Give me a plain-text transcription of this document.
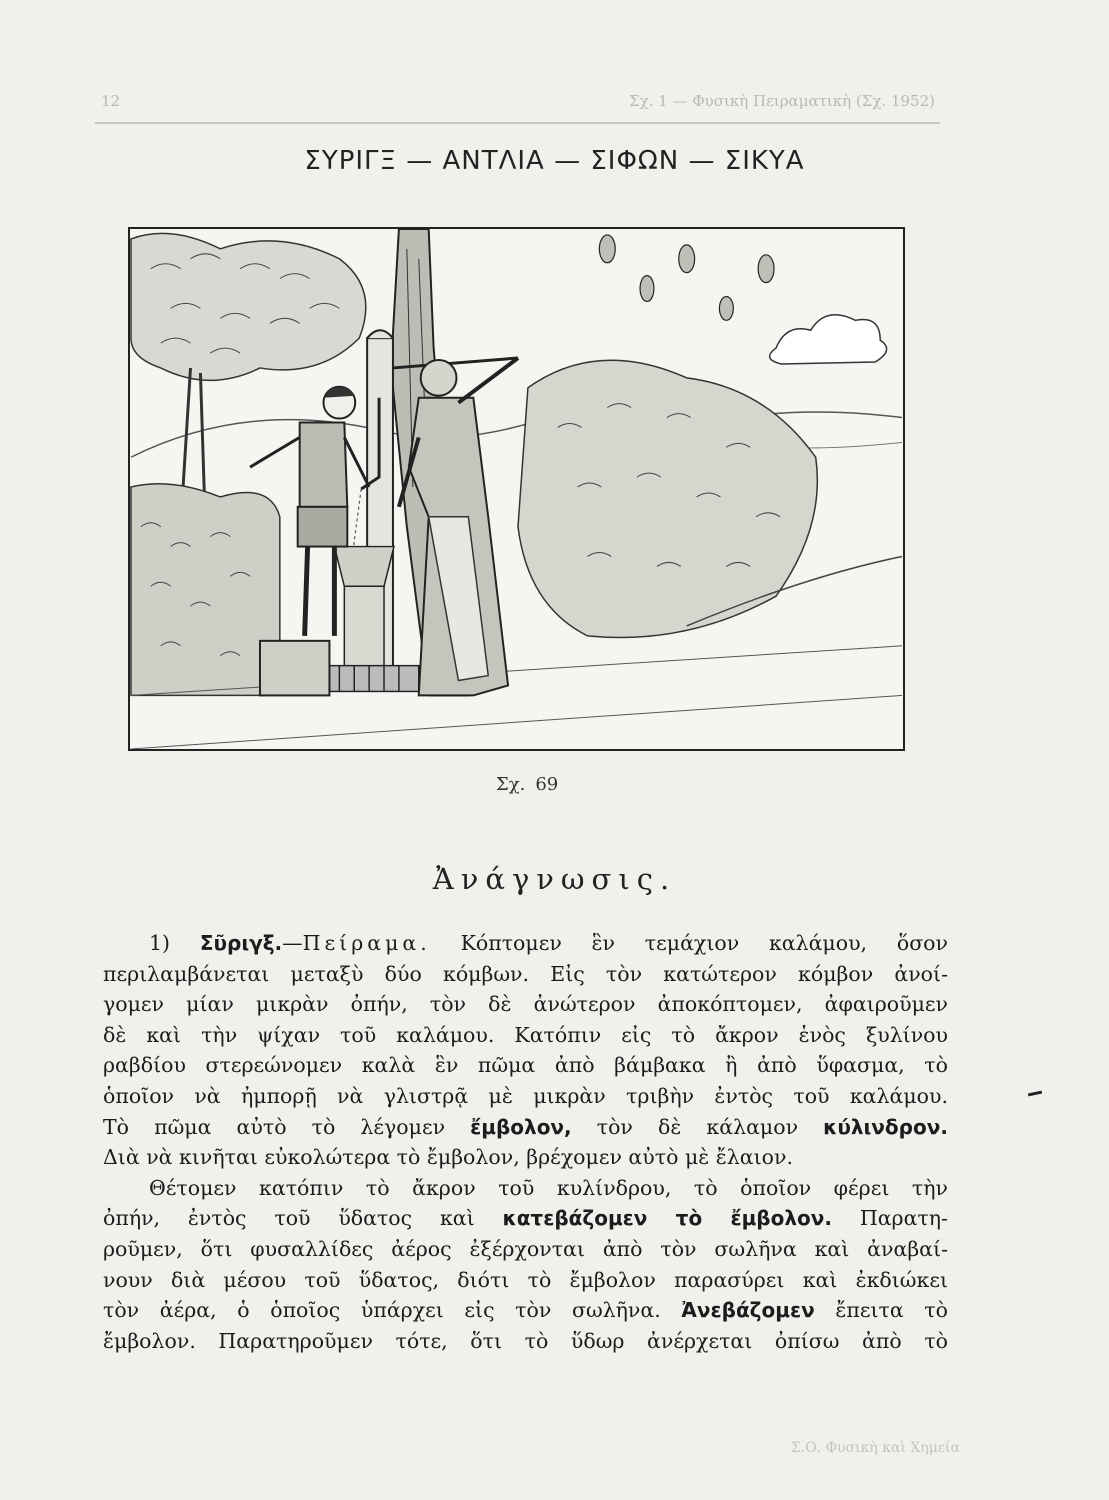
12	Σχ. 1 — Φυσικὴ Πειραματικὴ (Σχ. 1952)
ΣΥΡΙΓΞ — ΑΝΤΛΙΑ — ΣΙΦΩΝ — ΣΙΚΥΑ
Σχ. 69
Ἀνάγνωσις.
1) Σῦριγξ.—Πείραμα. Κόπτομεν ἓν τεμάχιον καλάμου, ὅσον
περιλαμβάνεται μεταξὺ δύο κόμβων. Εἰς τὸν κατώτερον κόμβον ἀνοί-
γομεν μίαν μικρὰν ὀπήν, τὸν δὲ ἀνώτερον ἀποκόπτομεν, ἀφαιροῦμεν
δὲ καὶ τὴν ψίχαν τοῦ καλάμου. Κατόπιν εἰς τὸ ἄκρον ἑνὸς ξυλίνου
ραβδίου στερεώνομεν καλὰ ἓν πῶμα ἀπὸ βάμβακα ἢ ἀπὸ ὕφασμα, τὸ
ὁποῖον νὰ ἠμπορῇ νὰ γλιστρᾷ μὲ μικρὰν τριβὴν ἐντὸς τοῦ καλάμου.
Τὸ πῶμα αὐτὸ τὸ λέγομεν ἔμβολον, τὸν δὲ κάλαμον κύλινδρον.
Διὰ νὰ κινῆται εὐκολώτερα τὸ ἔμβολον, βρέχομεν αὐτὸ μὲ ἔλαιον.
Θέτομεν κατόπιν τὸ ἄκρον τοῦ κυλίνδρου, τὸ ὁποῖον φέρει τὴν
ὀπήν, ἐντὸς τοῦ ὕδατος καὶ κατεβάζομεν τὸ ἔμβολον. Παρατη-
ροῦμεν, ὅτι φυσαλλίδες ἀέρος ἐξέρχονται ἀπὸ τὸν σωλῆνα καὶ ἀναβαί-
νουν διὰ μέσου τοῦ ὕδατος, διότι τὸ ἔμβολον παρασύρει καὶ ἐκδιώκει
τὸν ἀέρα, ὁ ὁποῖος ὑπάρχει εἰς τὸν σωλῆνα. Ἀνεβάζομεν ἔπειτα τὸ
ἔμβολον. Παρατηροῦμεν τότε, ὅτι τὸ ὕδωρ ἀνέρχεται ὀπίσω ἀπὸ τὸ
Σ.Ο. Φυσικὴ καὶ Χημεία
